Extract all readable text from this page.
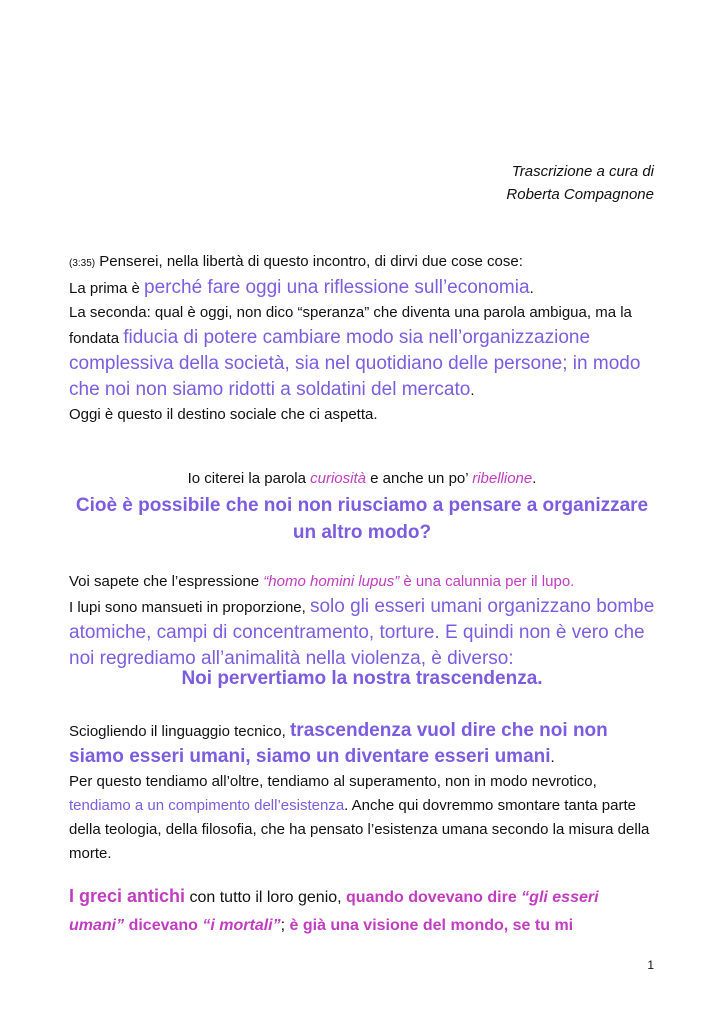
Trascrizione a cura di
Roberta Compagnone
(3:35) Penserei, nella libertà di questo incontro, di dirvi due cose cose:
La prima è perché fare oggi una riflessione sull’economia.
La seconda: qual è oggi, non dico “speranza” che diventa una parola ambigua, ma la fondata fiducia di potere cambiare modo sia nell’organizzazione complessiva della società, sia nel quotidiano delle persone; in modo che noi non siamo ridotti a soldatini del mercato.
Oggi è questo il destino sociale che ci aspetta.
Io citerei la parola curiosità e anche un po’ ribellione.
Cioè è possibile che noi non riusciamo a pensare a organizzare un altro modo?
Voi sapete che l’espressione “homo homini lupus” è una calunnia per il lupo.
I lupi sono mansueti in proporzione, solo gli esseri umani organizzano bombe atomiche, campi di concentramento, torture. E quindi non è vero che noi regrediamo all’animalità nella violenza, è diverso:
Noi pervertiamo la nostra trascendenza.
Sciogliendo il linguaggio tecnico, trascendenza vuol dire che noi non siamo esseri umani, siamo un diventare esseri umani.
Per questo tendiamo all’oltre, tendiamo al superamento, non in modo nevrotico, tendiamo a un compimento dell’esistenza. Anche qui dovremmo smontare tanta parte della teologia, della filosofia, che ha pensato l’esistenza umana secondo la misura della morte.
I greci antichi con tutto il loro genio, quando dovevano dire “gli esseri umani” dicevano “i mortali”; è già una visione del mondo, se tu mi
1
